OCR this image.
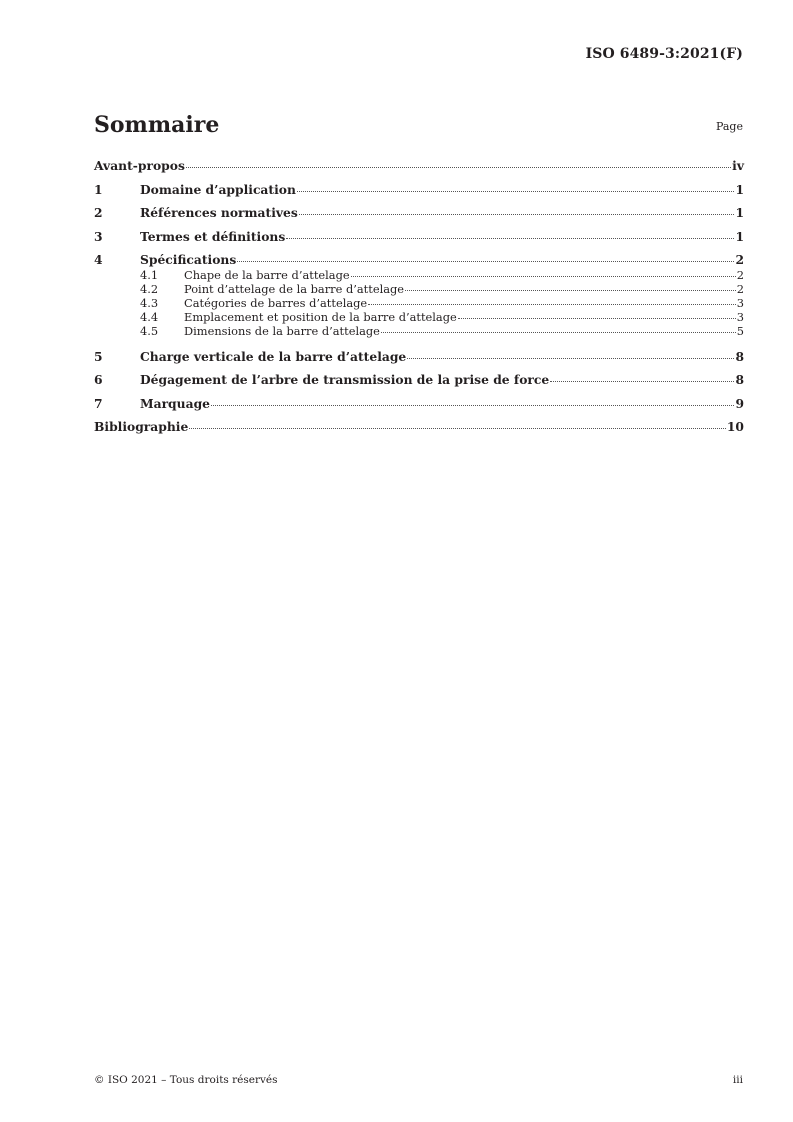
ISO 6489-3:2021(F)
Sommaire	Page
Avant-propos	iv
1	Domaine d’application	1
2	Références normatives	1
3	Termes et définitions	1
4	Spécifications	2
4.1	Chape de la barre d’attelage	2
4.2	Point d’attelage de la barre d’attelage	2
4.3	Catégories de barres d’attelage	3
4.4	Emplacement et position de la barre d’attelage	3
4.5	Dimensions de la barre d’attelage	5
5	Charge verticale de la barre d’attelage	8
6	Dégagement de l’arbre de transmission de la prise de force	8
7	Marquage	9
Bibliographie	10
© ISO 2021 – Tous droits réservés	iii
